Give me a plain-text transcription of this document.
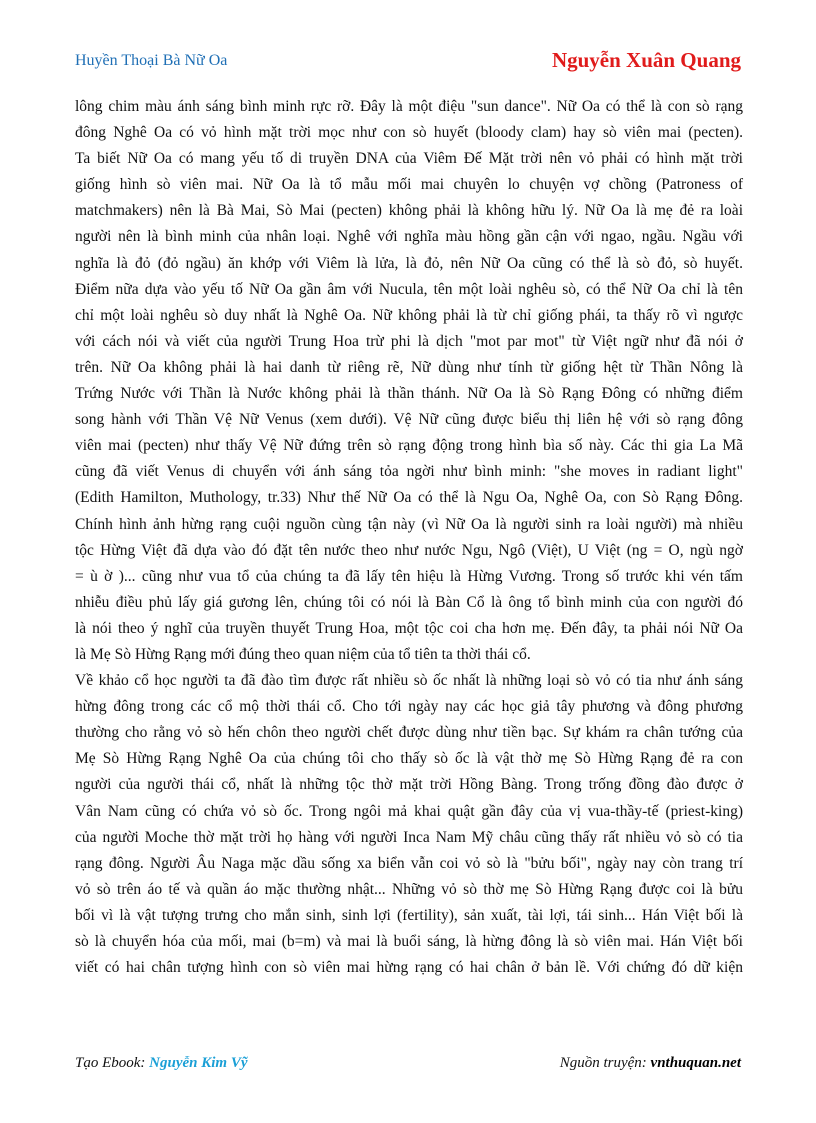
Huyền Thoại Bà Nữ Oa	Nguyễn Xuân Quang
lông chim màu ánh sáng bình minh rực rỡ. Đây là một điệu "sun dance". Nữ Oa có thể là con sò rạng
đông Nghê Oa có vỏ hình mặt trời mọc như con sò huyết (bloody clam) hay sò viên mai (pecten).
Ta biết Nữ Oa có mang yếu tố di truyền DNA của Viêm Đế Mặt trời nên vỏ phải có hình mặt trời
giống hình sò viên mai. Nữ Oa là tổ mẫu mối mai chuyên lo chuyện vợ chồng (Patroness of
matchmakers) nên là Bà Mai, Sò Mai (pecten) không phải là không hữu lý. Nữ Oa là mẹ đẻ ra loài
người nên là bình minh của nhân loại. Nghê với nghĩa màu hồng gần cận với ngao, ngầu. Ngầu với
nghĩa là đỏ (đỏ ngầu) ăn khớp với Viêm là lửa, là đỏ, nên Nữ Oa cũng có thể là sò đỏ, sò huyết.
Điểm nữa dựa vào yếu tố Nữ Oa gần âm với Nucula, tên một loài nghêu sò, có thể Nữ Oa chỉ là tên
chỉ một loài nghêu sò duy nhất là Nghê Oa. Nữ không phải là từ chỉ giống phái, ta thấy rõ vì ngược
với cách nói và viết của người Trung Hoa trừ phi là dịch "mot par mot" từ Việt ngữ như đã nói ở
trên. Nữ Oa không phải là hai danh từ riêng rẽ, Nữ dùng như tính từ giống hệt từ Thần Nông là
Trứng Nước với Thần là Nước không phải là thần thánh. Nữ Oa là Sò Rạng Đông có những điểm
song hành với Thần Vệ Nữ Venus (xem dưới). Vệ Nữ cũng được biểu thị liên hệ với sò rạng đông
viên mai (pecten) như thấy Vệ Nữ đứng trên sò rạng động trong hình bìa số này. Các thi gia La Mã
cũng đã viết Venus di chuyển với ánh sáng tỏa ngời như bình minh: "she moves in radiant light"
(Edith Hamilton, Muthology, tr.33) Như thế Nữ Oa có thể là Ngu Oa, Nghê Oa, con Sò Rạng Đông.
Chính hình ảnh hừng rạng cuội nguồn cùng tận này (vì Nữ Oa là người sinh ra loài người) mà nhiều
tộc Hừng Việt đã dựa vào đó đặt tên nước theo như nước Ngu, Ngô (Việt), U Việt (ng = O, ngù ngờ
= ù ờ )... cũng như vua tổ của chúng ta đã lấy tên hiệu là Hừng Vương. Trong số trước khi vén tấm
nhiễu điều phủ lấy giá gương lên, chúng tôi có nói là Bàn Cổ là ông tổ bình minh của con người đó
là nói theo ý nghĩ của truyền thuyết Trung Hoa, một tộc coi cha hơn mẹ. Đến đây, ta phải nói Nữ Oa
là Mẹ Sò Hừng Rạng mới đúng theo quan niệm của tổ tiên ta thời thái cổ.
Về khảo cổ học người ta đã đào tìm được rất nhiều sò ốc nhất là những loại sò vỏ có tia như ánh sáng
hừng đông trong các cổ mộ thời thái cổ. Cho tới ngày nay các học giả tây phương và đông phương
thường cho rằng vỏ sò hến chôn theo người chết được dùng như tiền bạc. Sự khám ra chân tướng của
Mẹ Sò Hừng Rạng Nghê Oa của chúng tôi cho thấy sò ốc là vật thờ mẹ Sò Hừng Rạng đẻ ra con
người của người thái cổ, nhất là những tộc thờ mặt trời Hồng Bàng. Trong trống đồng đào được ở
Vân Nam cũng có chứa vỏ sò ốc. Trong ngôi mả khai quật gần đây của vị vua-thầy-tế (priest-king)
của người Moche thờ mặt trời họ hàng với người Inca Nam Mỹ châu cũng thấy rất nhiều vỏ sò có tia
rạng đông. Người Âu Naga mặc dầu sống xa biển vẫn coi vỏ sò là "bửu bối", ngày nay còn trang trí
vỏ sò trên áo tế và quần áo mặc thường nhật... Những vỏ sò thờ mẹ Sò Hừng Rạng được coi là bửu
bối vì là vật tượng trưng cho mắn sinh, sinh lợi (fertility), sản xuất, tài lợi, tái sinh... Hán Việt bối là
sò là chuyển hóa của mối, mai (b=m) và mai là buổi sáng, là hừng đông là sò viên mai. Hán Việt bối
viết có hai chân tượng hình con sò viên mai hừng rạng có hai chân ở bản lề. Với chứng đó dữ kiện
Tạo Ebook: Nguyễn Kim Vỹ	Nguồn truyện: vnthuquan.net
